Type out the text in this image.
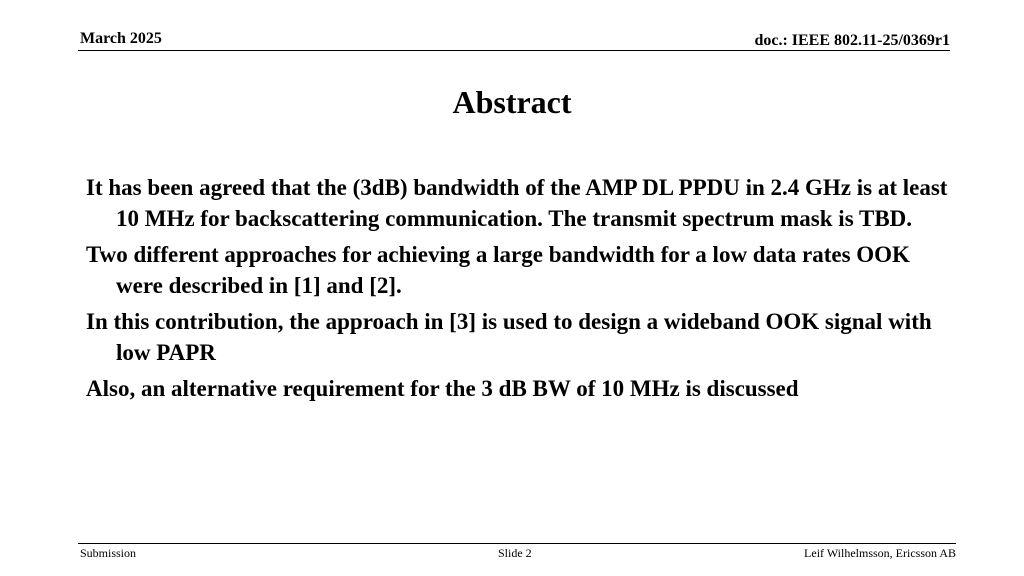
March 2025	doc.: IEEE 802.11-25/0369r1
Abstract
It has been agreed that the (3dB) bandwidth of the AMP DL PPDU in 2.4 GHz is at least 10 MHz for backscattering communication. The transmit spectrum mask is TBD.
Two different approaches for achieving a large bandwidth for a low data rates OOK were described in [1] and [2].
In this contribution, the approach in [3] is used to design a wideband OOK signal with low PAPR
Also, an alternative requirement for the 3 dB BW of 10 MHz is discussed
Submission	Slide 2	Leif Wilhelmsson, Ericsson AB
